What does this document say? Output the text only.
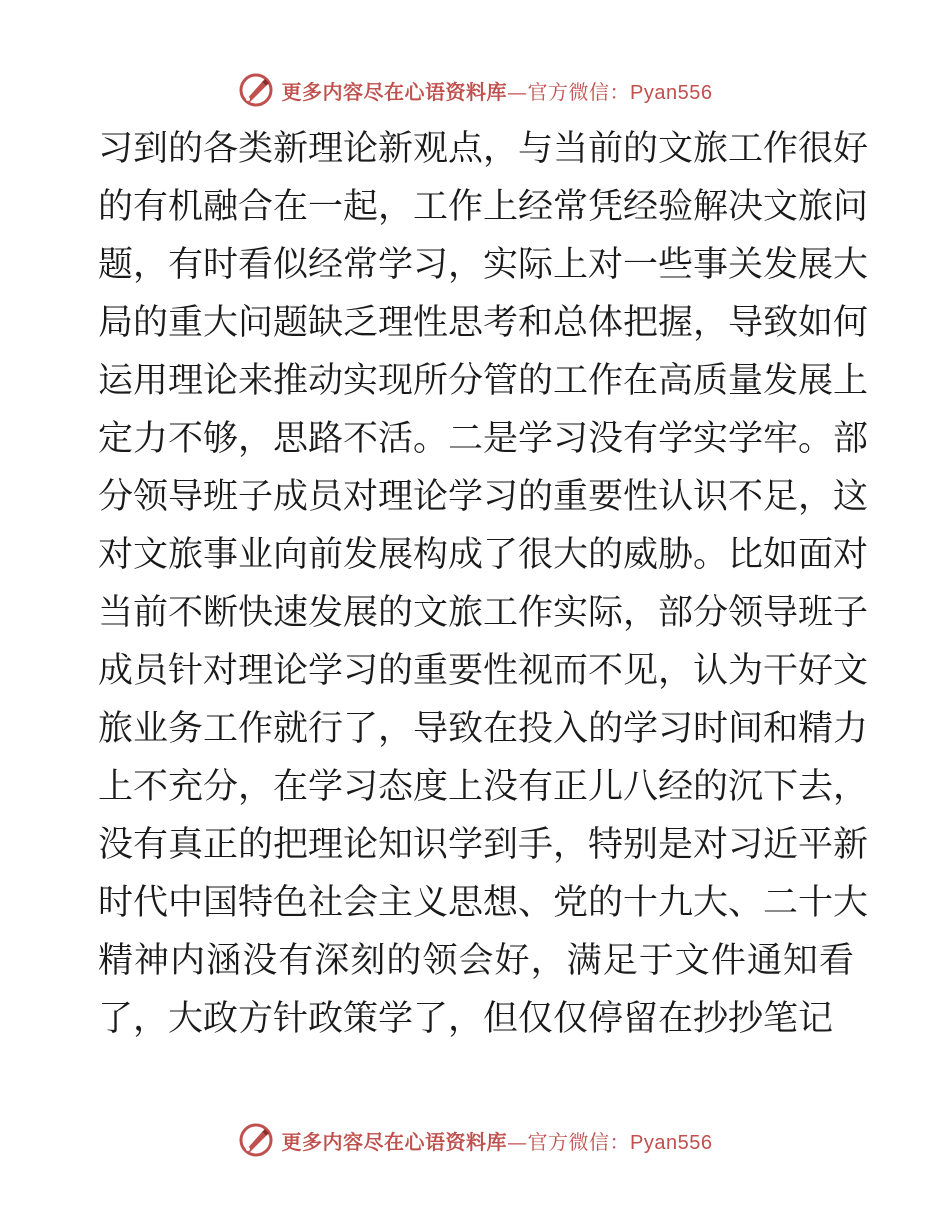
更多内容尽在心语资料库—官方微信：Pyan556
习到的各类新理论新观点，与当前的文旅工作很好
的有机融合在一起，工作上经常凭经验解决文旅问
题，有时看似经常学习，实际上对一些事关发展大
局的重大问题缺乏理性思考和总体把握，导致如何
运用理论来推动实现所分管的工作在高质量发展上
定力不够，思路不活。二是学习没有学实学牢。部
分领导班子成员对理论学习的重要性认识不足，这
对文旅事业向前发展构成了很大的威胁。比如面对
当前不断快速发展的文旅工作实际，部分领导班子
成员针对理论学习的重要性视而不见，认为干好文
旅业务工作就行了，导致在投入的学习时间和精力
上不充分，在学习态度上没有正儿八经的沉下去，
没有真正的把理论知识学到手，特别是对习近平新
时代中国特色社会主义思想、党的十九大、二十大
精神内涵没有深刻的领会好，满足于文件通知看
了，大政方针政策学了，但仅仅停留在抄抄笔记
更多内容尽在心语资料库—官方微信：Pyan556
